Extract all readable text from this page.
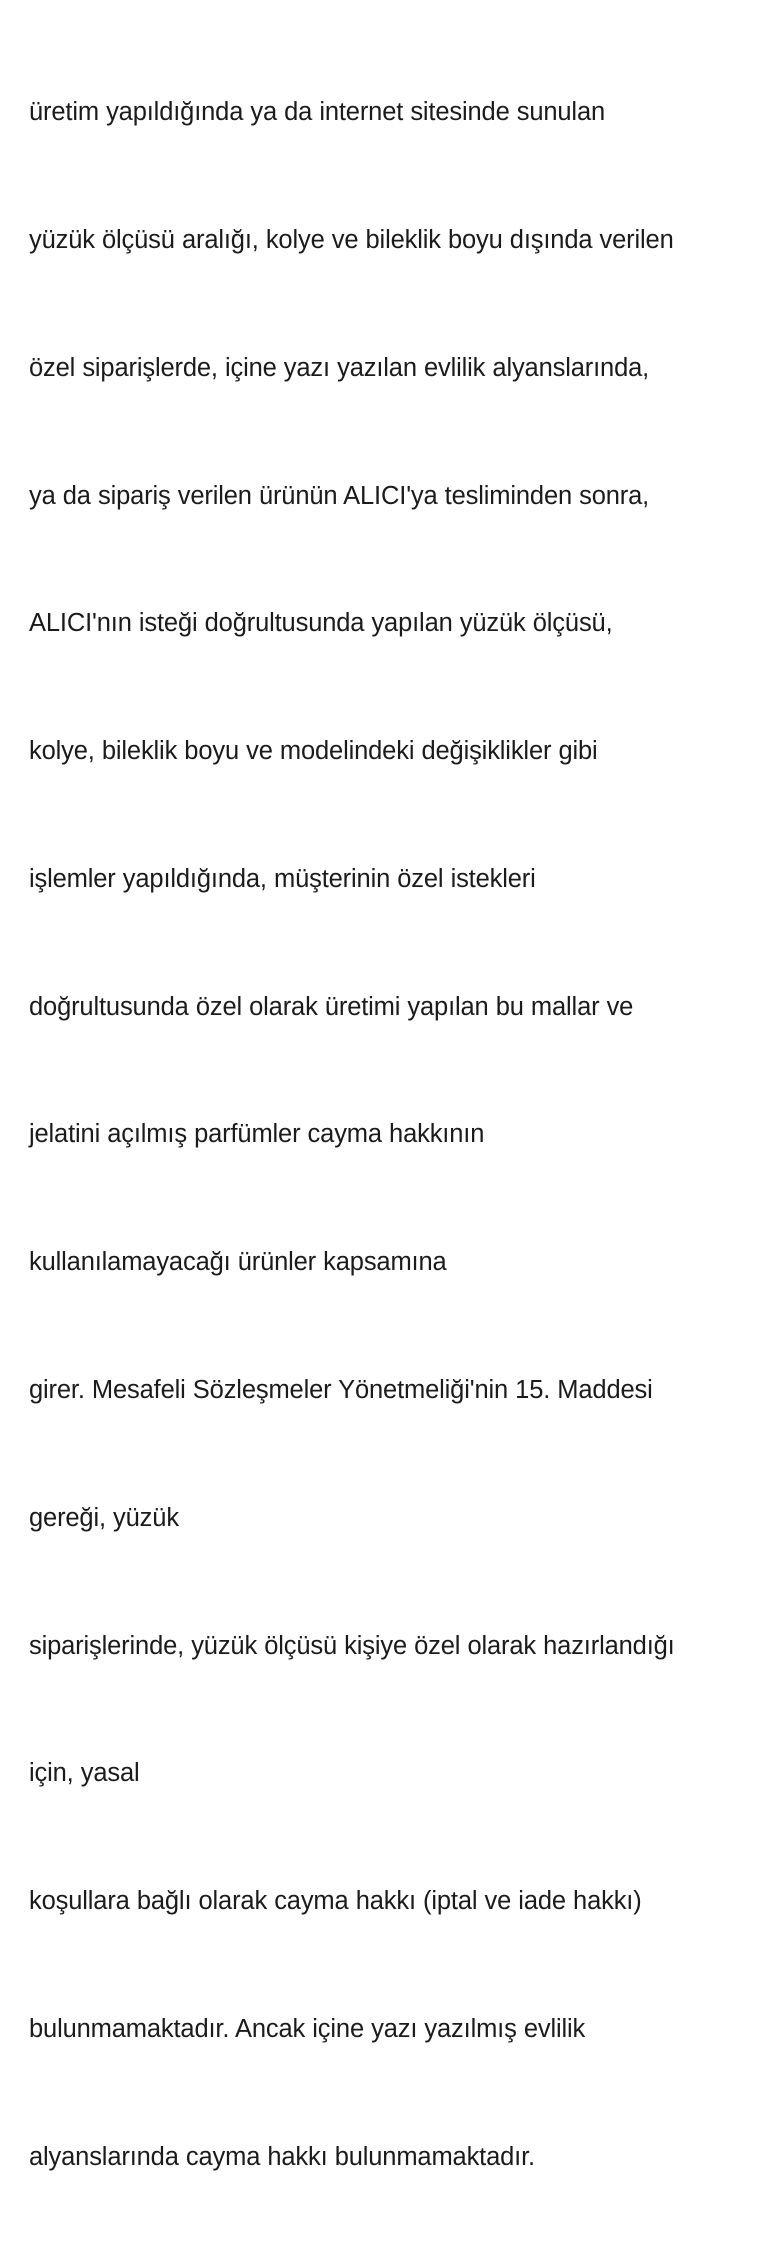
üretim yapıldığında ya da internet sitesinde sunulan

yüzük ölçüsü aralığı, kolye ve bileklik boyu dışında verilen

özel siparişlerde, içine yazı yazılan evlilik alyanslarında,

ya da sipariş verilen ürünün ALICI'ya tesliminden sonra,

ALICI'nın isteği doğrultusunda yapılan yüzük ölçüsü,

kolye, bileklik boyu ve modelindeki değişiklikler gibi

işlemler yapıldığında, müşterinin özel istekleri

doğrultusunda özel olarak üretimi yapılan bu mallar ve

jelatini açılmış parfümler cayma hakkının

kullanılamayacağı ürünler kapsamına

girer. Mesafeli Sözleşmeler Yönetmeliği'nin 15. Maddesi

gereği, yüzük

siparişlerinde, yüzük ölçüsü kişiye özel olarak hazırlandığı

için, yasal

koşullara bağlı olarak cayma hakkı (iptal ve iade hakkı)

bulunmamaktadır. Ancak içine yazı yazılmış evlilik

alyanslarında cayma hakkı bulunmamaktadır.
